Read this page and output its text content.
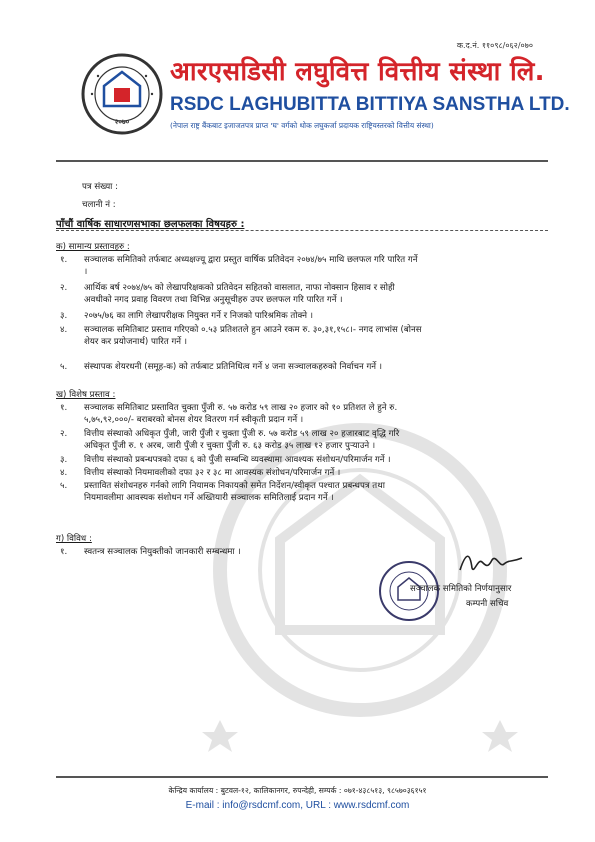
क.द.नं. ११०९८/०६२/०७०
२०७०
आरएसडिसी लघुवित्त वित्तीय संस्था लि.
RSDC LAGHUBITTA BITTIYA SANSTHA LTD.
(नेपाल राष्ट्र बैंकबाट इजाजतपत्र प्राप्त 'घ' वर्गको थोक लघुकर्जा प्रदायक राष्ट्रियस्तरको वित्तीय संस्था)
पत्र संख्या :
चलानी नं :
पाँचौं वार्षिक साधारणसभाका छलफलका विषयहरु :
क) सामान्य प्रस्तावहरु :
१. सञ्चालक समितिको तर्फबाट अध्यक्षज्यू द्वारा प्रस्तुत वार्षिक प्रतिवेदन २०७४/७५ माथि छलफल गरि पारित गर्ने
।
२. आर्थिक बर्ष २०७४/७५ को लेखापरिक्षकको प्रतिवेदन सहितको वासलात, नाफा नोक्सान हिसाव र सोही
अवधीको नगद प्रवाह विवरण तथा विभिन्न अनुसूचीहरु उपर छलफल गरि पारित गर्ने ।
३. २०७५/७६ का लागि लेखापरीक्षक नियुक्त गर्ने र निजको पारिश्रमिक तोक्ने ।
४. सञ्चालक समितिबाट प्रस्ताव गरिएको ०.५३ प्रतिशतले हुन आउने रकम रु. ३०,३१,१५८।- नगद लाभांस (बोनस
शेयर कर प्रयोजनार्थ) पारित गर्ने ।
५. संस्थापक शेयरधनी (समूह-क) को तर्फबाट प्रतिनिधित्व गर्ने ४ जना सञ्चालकहरुको निर्वाचन गर्ने ।
ख) विशेष प्रस्ताव :
१. सञ्चालक समितिबाट प्रस्तावित चुक्ता पुँजी रु. ५७ करोड ५९ लाख २० हजार को १० प्रतिशत ले हुने रु.
५,७५,९२,०००/- बराबरको बोनस शेयर वितरण गर्न स्वीकृती प्रदान गर्ने ।
२. वित्तीय संस्थाको अधिकृत पुँजी, जारी पुँजी र चुक्ता पुँजी रु. ५७ करोड ५९ लाख २० हजारबाट वृद्धि गरि
अधिकृत पुँजी रु. १ अरब, जारी पुँजी र चुक्ता पुँजी रु. ६३ करोड ३५ लाख १२ हजार पुऱ्याउने ।
३. वित्तीय संस्थाको प्रबन्धपत्रको दफा ६ को पुँजी सम्बन्धि व्यवस्थामा आवश्यक संशोधन/परिमार्जन गर्ने ।
४. वित्तीय संस्थाको नियमावलीको दफा ३२ र ३८ मा आवस्यक संशोधन/परिमार्जन गर्ने ।
५. प्रस्तावित संशोधनहरु गर्नको लागि नियामक निकायको समेत निर्देशन/स्वीकृत पश्चात प्रबन्धपत्र तथा
नियमावलीमा आवस्यक संशोधन गर्ने अख्तियारी सञ्चालक समितिलाई प्रदान गर्ने ।
ग) विविध :
१. स्वतन्त्र सञ्चालक नियुक्तीको जानकारी सम्बन्धमा ।
सञ्चालक समितिको निर्णयानुसार
कम्पनी सचिव
केन्द्रिय कार्यालय : बुटवल-१२, कालिकानगर, रुपन्देही, सम्पर्क : ०७१-४३८५१३, ९८५७०३६१५१
E-mail : info@rsdcmf.com, URL : www.rsdcmf.com
